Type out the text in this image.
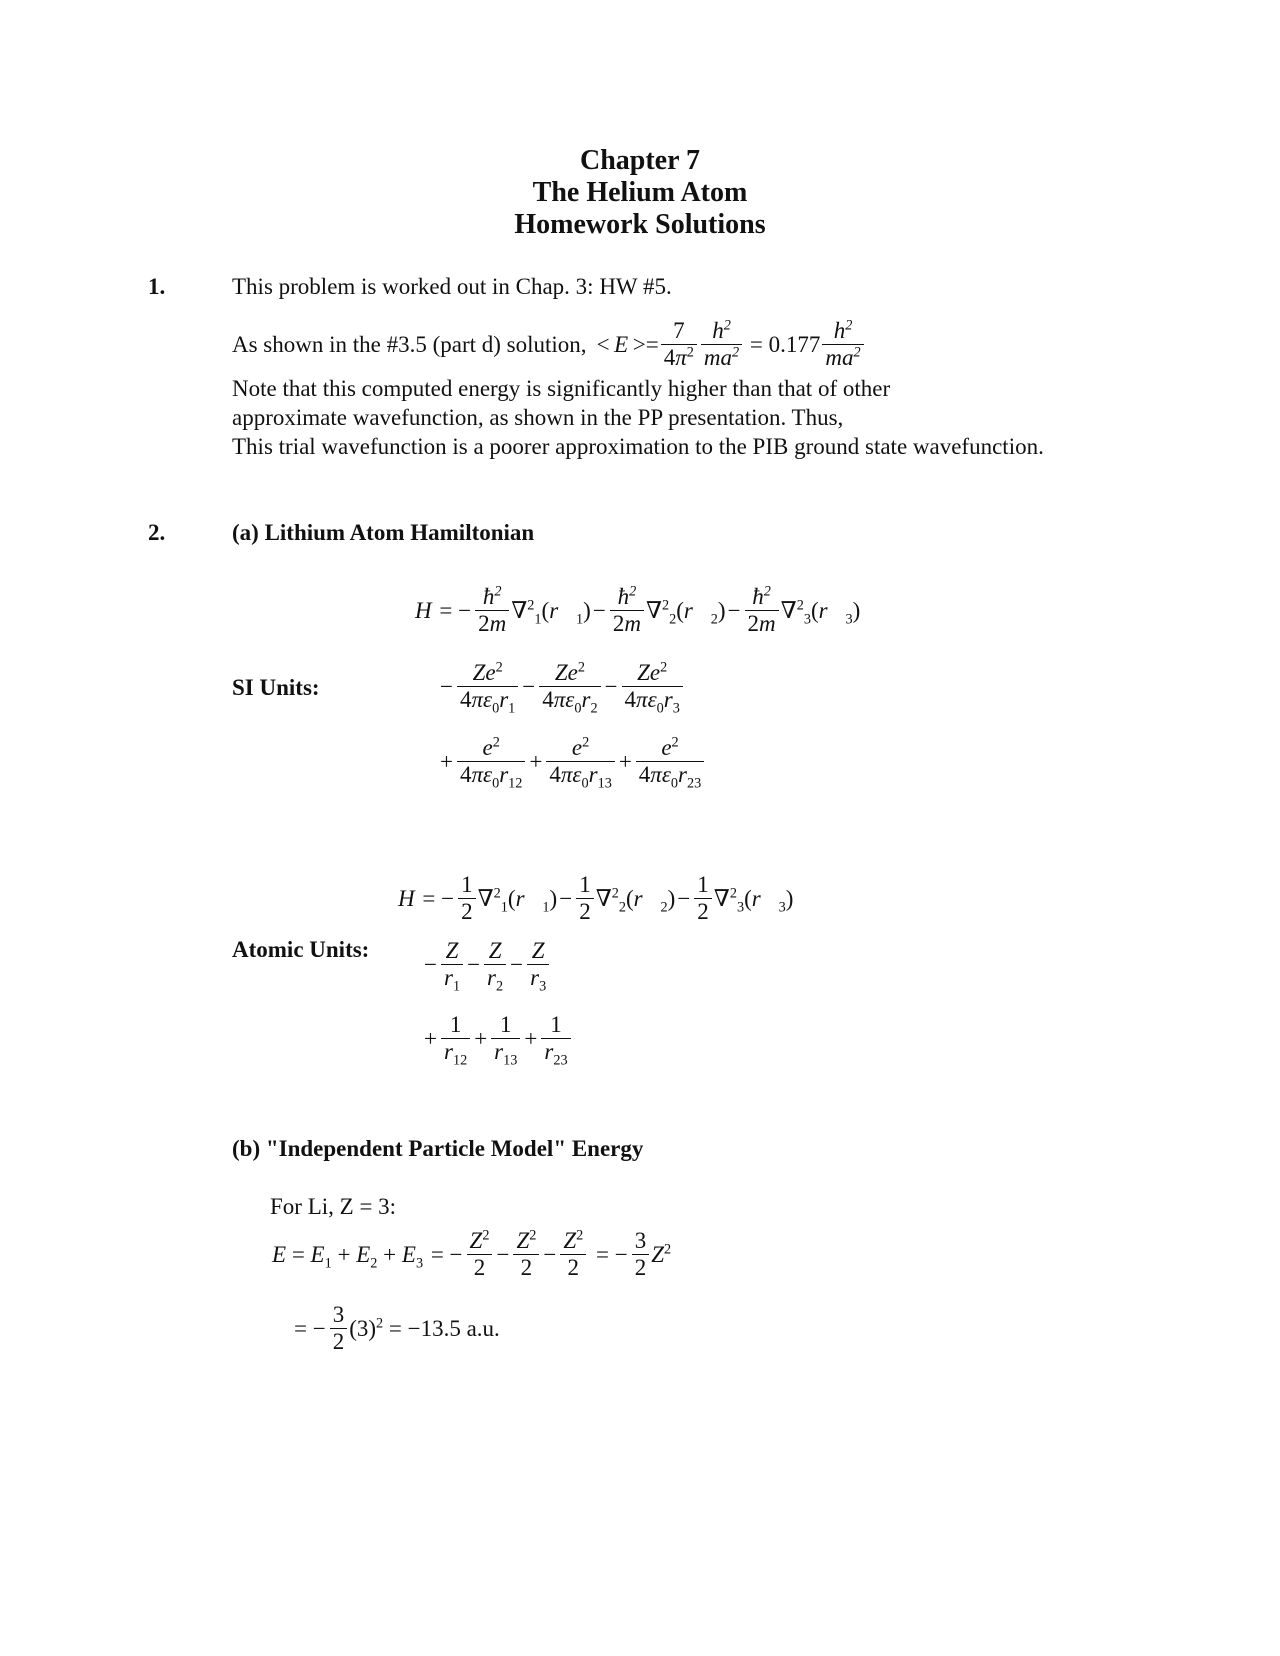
Chapter 7
The Helium Atom
Homework Solutions
1.	This problem is worked out in Chap. 3: HW #5.
As shown in the #3.5 (part d) solution, < $E >= \frac{7}{4\pi^2} \frac{h^2}{ma^2} = 0.177 \frac{h^2}{ma^2}$
Note that this computed energy is significantly higher than that of other
approximate wavefunction, as shown in the PP presentation. Thus,
This trial wavefunction is a poorer approximation to the PIB ground state wavefunction.
2.	(a) Lithium Atom Hamiltonian
SI Units:
H = − $\frac{ħ^2}{2m}$ $\nabla^2_1(r⃗_1) - \frac{ħ^2}{2m}$ $\nabla^2_2(r⃗_2) - \frac{ħ^2}{2m}$ $\nabla^2_3(r⃗_3)$
− $\frac{Ze^2}{4\pi\varepsilon_0r_1} - \frac{Ze^2}{4\pi\varepsilon_0r_2} - \frac{Ze^2}{4\pi\varepsilon_0r_3}$
+ $\frac{e^2}{4\pi\varepsilon_0r_{12}} + \frac{e^2}{4\pi\varepsilon_0r_{13}} + \frac{e^2}{4\pi\varepsilon_0r_{23}}$
Atomic Units:
H = − $\frac{1}{2}$ $\nabla^2_1(r⃗_1) - \frac{1}{2}$ $\nabla^2_2(r⃗_2) - \frac{1}{2}$ $\nabla^2_3(r⃗_3)$
− $\frac{Z}{r_1} - \frac{Z}{r_2} - \frac{Z}{r_3}$
+ $\frac{1}{r_{12}} + \frac{1}{r_{13}} + \frac{1}{r_{23}}$
(b) "Independent Particle Model" Energy
For Li, Z = 3:
$E = E_1 + E_2 + E_3$ = − $\frac{Z^2}{2} - \frac{Z^2}{2} - \frac{Z^2}{2}$ = − $\frac{3}{2} Z^2$
= − $\frac{3}{2} (3)^2 = -13.5$ a.u.
